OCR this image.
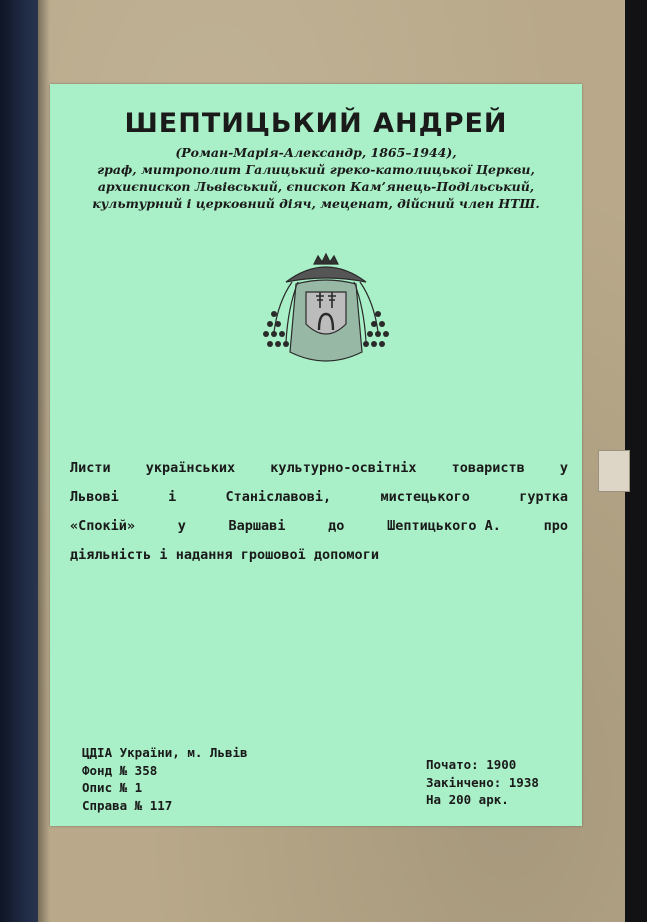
ШЕПТИЦЬКИЙ АНДРЕЙ
(Роман-Марія-Александр, 1865–1944),
граф, митрополит Галицький греко-католицької Церкви,
архиєпископ Львівський, єпископ Кам’янець-Подільський,
культурний і церковний діяч, меценат, дійсний член НТШ.
Листи	українських	культурно-освітніх	товариств	у
Львові	і	Станіславові,	мистецького	гуртка
«Спокій»	у	Варшаві	до	Шептицького А.	про
діяльність
і
надання
грошової
допомоги
ЦДІА України, м. Львів
Фонд № 358
Опис № 1
Справа № 117
Почато: 1900
Закінчено: 1938
На 200 арк.
